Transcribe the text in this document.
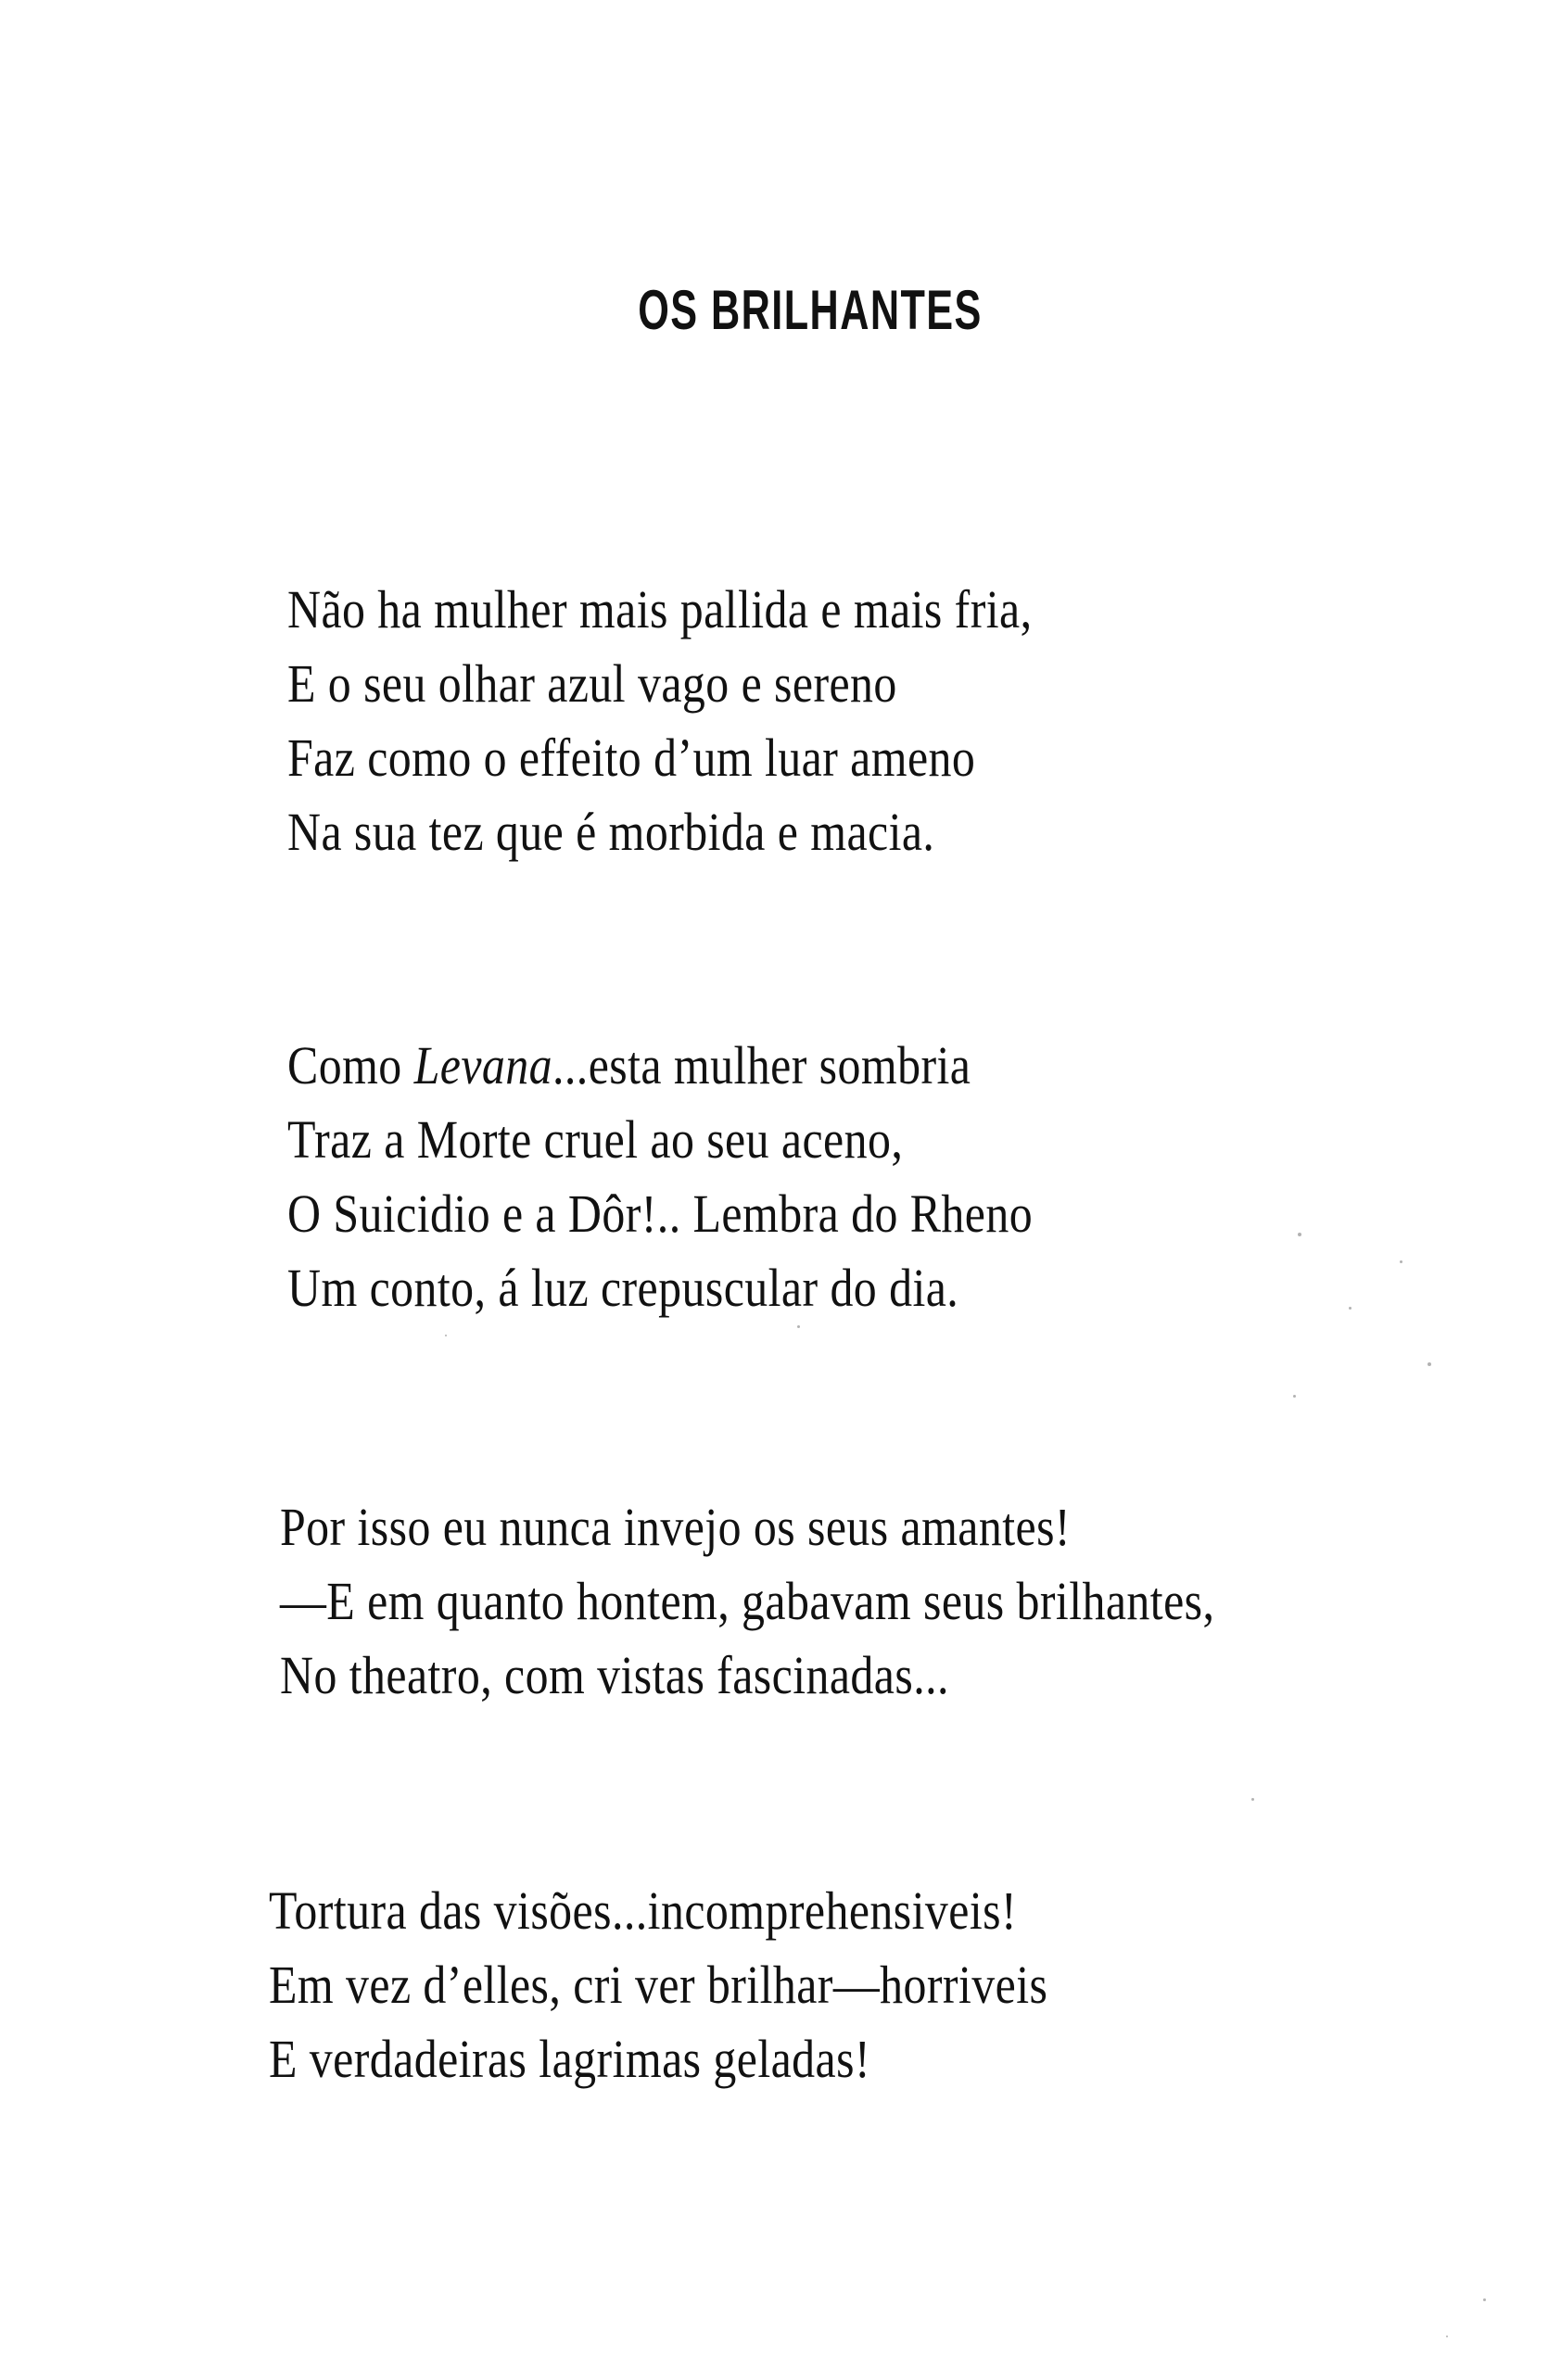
OS BRILHANTES
Não ha mulher mais pallida e mais fria,
E o seu olhar azul vago e sereno
Faz como o effeito d’um luar ameno
Na sua tez que é morbida e macia.
Como Levana...esta mulher sombria
Traz a Morte cruel ao seu aceno,
O Suicidio e a Dôr!.. Lembra do Rheno
Um conto, á luz crepuscular do dia.
Por isso eu nunca invejo os seus amantes!
—E em quanto hontem, gabavam seus brilhantes,
No theatro, com vistas fascinadas...
Tortura das visões...incomprehensiveis!
Em vez d’elles, cri ver brilhar—horriveis
E verdadeiras lagrimas geladas!
